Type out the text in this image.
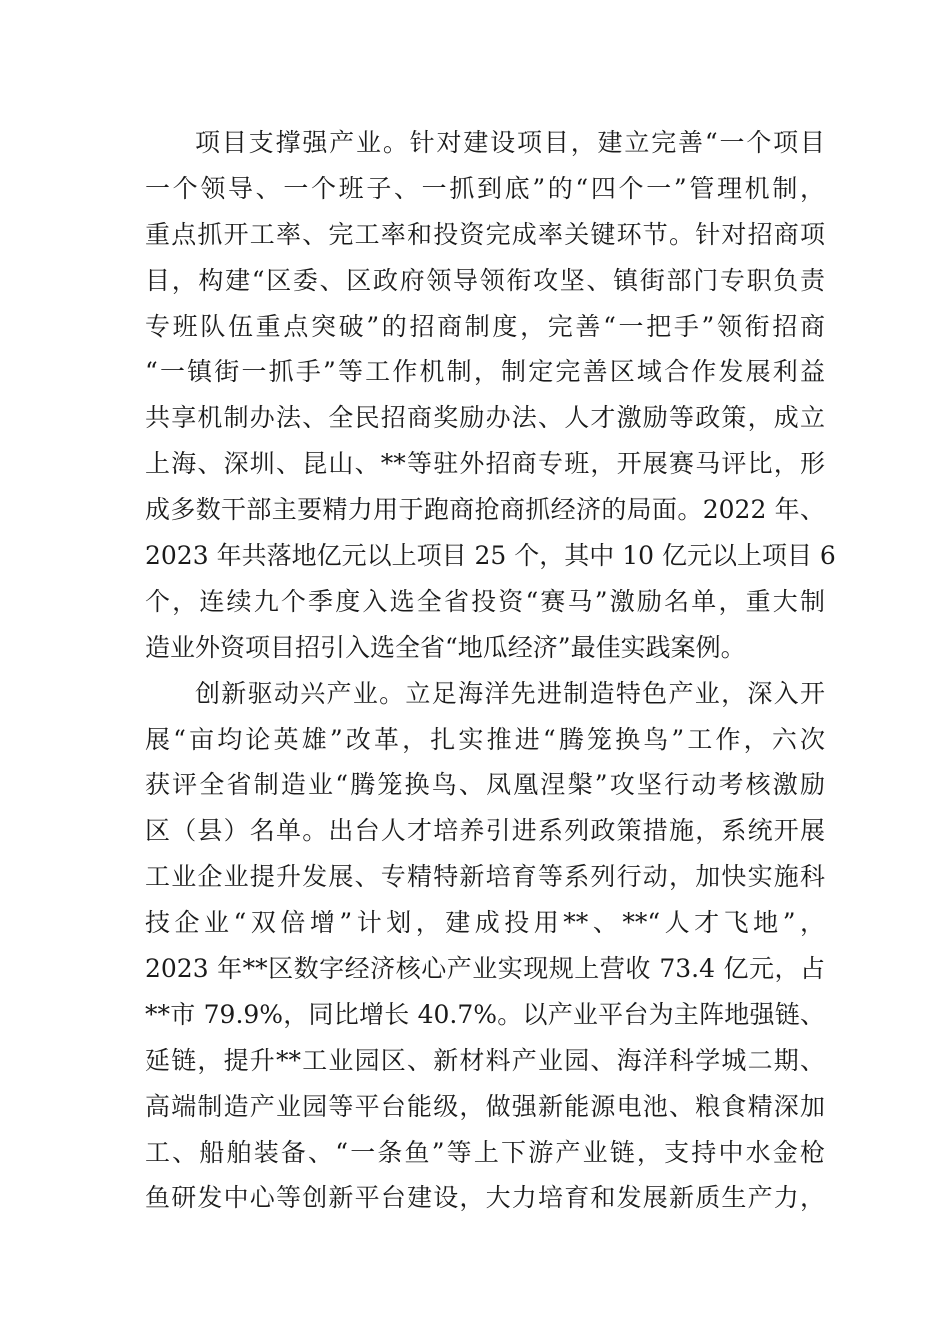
项目支撑强产业。针对建设项目，建立完善“一个项目
一个领导、一个班子、一抓到底”的“四个一”管理机制，
重点抓开工率、完工率和投资完成率关键环节。针对招商项
目，构建“区委、区政府领导领衔攻坚、镇街部门专职负责
专班队伍重点突破”的招商制度，完善“一把手”领衔招商
“一镇街一抓手”等工作机制，制定完善区域合作发展利益
共享机制办法、全民招商奖励办法、人才激励等政策，成立
上海、深圳、昆山、**等驻外招商专班，开展赛马评比，形
成多数干部主要精力用于跑商抢商抓经济的局面。2022 年、
2023 年共落地亿元以上项目 25 个，其中 10 亿元以上项目 6
个，连续九个季度入选全省投资“赛马”激励名单，重大制
造业外资项目招引入选全省“地瓜经济”最佳实践案例。
创新驱动兴产业。立足海洋先进制造特色产业，深入开
展“亩均论英雄”改革，扎实推进“腾笼换鸟”工作，六次
获评全省制造业“腾笼换鸟、凤凰涅槃”攻坚行动考核激励
区（县）名单。出台人才培养引进系列政策措施，系统开展
工业企业提升发展、专精特新培育等系列行动，加快实施科
技企业“双倍增”计划，建成投用**、**“人才飞地”，
2023 年**区数字经济核心产业实现规上营收 73.4 亿元，占
**市 79.9%，同比增长 40.7%。以产业平台为主阵地强链、
延链，提升**工业园区、新材料产业园、海洋科学城二期、
高端制造产业园等平台能级，做强新能源电池、粮食精深加
工、船舶装备、“一条鱼”等上下游产业链，支持中水金枪
鱼研发中心等创新平台建设，大力培育和发展新质生产力，
